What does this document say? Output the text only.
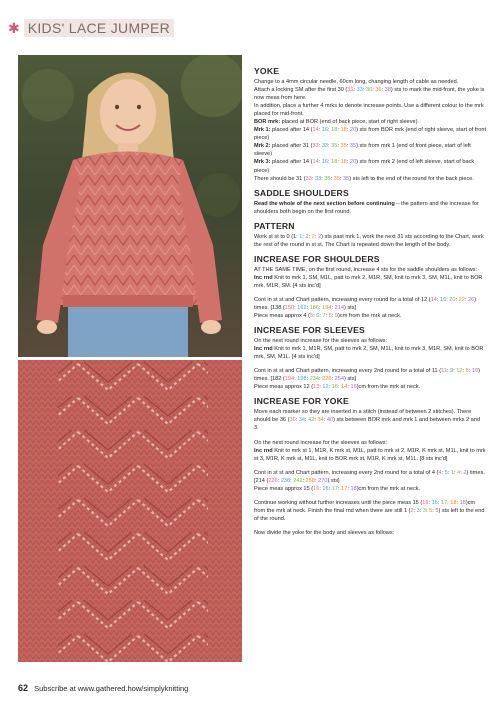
✱ KIDS' LACE JUMPER
YOKE

Change to a 4mm circular needle, 60cm long, changing length of cable as needed.

Attach a locking SM after the first 30 (31: 33: 36: 36: 38) sts to mark the mid-front, the yoke is now meas from here.

In addition, place a further 4 mrks to denote increase points. Use a different colour to the mrk placed for mid-front.

BOR mrk: placed at BOR (end of back piece, start of right sleeve)

Mrk 1: placed after 14 (14: 16: 18: 18: 20) sts from BOR mrk (end of right sleeve, start of front piece)

Mrk 2: placed after 31 (33: 33: 35: 35: 35) sts from mrk 1 (end of front piece, start of left sleeve)

Mrk 3: placed after 14 (14: 16: 18: 18: 20) sts from mrk 2 (end of left sleeve, start of back piece)

There should be 31 (33: 33: 35: 35: 35) sts left to the end of the round for the back piece.

SADDLE SHOULDERS

Read the whole of the next section before continuing – the pattern and the increase for shoulders both begin on the first round.

PATTERN

Work st st to 0 (1: 1: 2: 2: 2) sts past mrk 1, work the next 31 sts according to the Chart, work the rest of the round in st st. The Chart is repeated down the length of the body.

INCREASE FOR SHOULDERS

AT THE SAME TIME, on the first round, increase 4 sts for the saddle shoulders as follows:

Inc rnd Knit to mrk 1, SM, M1L, patt to mrk 2, M1R, SM, knit to mrk 3, SM, M1L, knit to BOR mrk, M1R, SM. [4 sts inc'd]

Cont in st st and Chart pattern, increasing every round for a total of 12 (14: 16: 20: 22: 26) times. [138 (150: 162: 186: 194: 214) sts]

Piece meas approx 4 (5: 6: 7: 8: 9)cm from the mrk at neck.

INCREASE FOR SLEEVES

On the next round increase for the sleeves as follows:

Inc rnd Knit to mrk 1, M1R, SM, patt to mrk 2, SM, M1L, knit to mrk 3, M1R, SM, knit to BOR mrk, SM, M1L. [4 sts inc'd]

Cont in st st and Chart pattern, increasing every 2nd round for a total of 11 (11: 9: 12: 8: 10) times. [182 (194: 198: 234: 226: 254) sts]

Piece meas approx 12 (13: 12: 16: 14: 16)cm from the mrk at neck.

INCREASE FOR YOKE

Move each marker so they are inserted in a stitch (instead of between 2 stitches). There should be 36 (36: 34: 42: 34: 40) sts between BOR mrk and mrk 1 and between mrks 2 and 3.

On the next round increase for the sleeves as follows:

Inc rnd Knit to mrk st 1, M1R, K mrk st, M1L, patt to mrk st 2, M1R, K mrk st, M1L, knit to mrk st 3, M1R, K mrk st, M1L, knit to BOR mrk st, M1R, K mrk st, M1L. [8 sts inc'd]

Cont in st st and Chart pattern, increasing every 2nd round for a total of 4 (4: 5: 1: 4: 2) times. [214 (226: 238: 242: 258: 270) sts]

Piece meas approx 15 (16: 16: 17: 17: 18)cm from the mrk at neck.

Continue working without further increases until the piece meas 15 (16: 16: 17: 18: 18)cm from the mrk at neck. Finish the final rnd when there are still 1 (2: 3: 3: 5: 5) sts left to the end of the round.

Now divide the yoke for the body and sleeves as follows:

62 Subscribe at www.gathered.how/simplyknitting
